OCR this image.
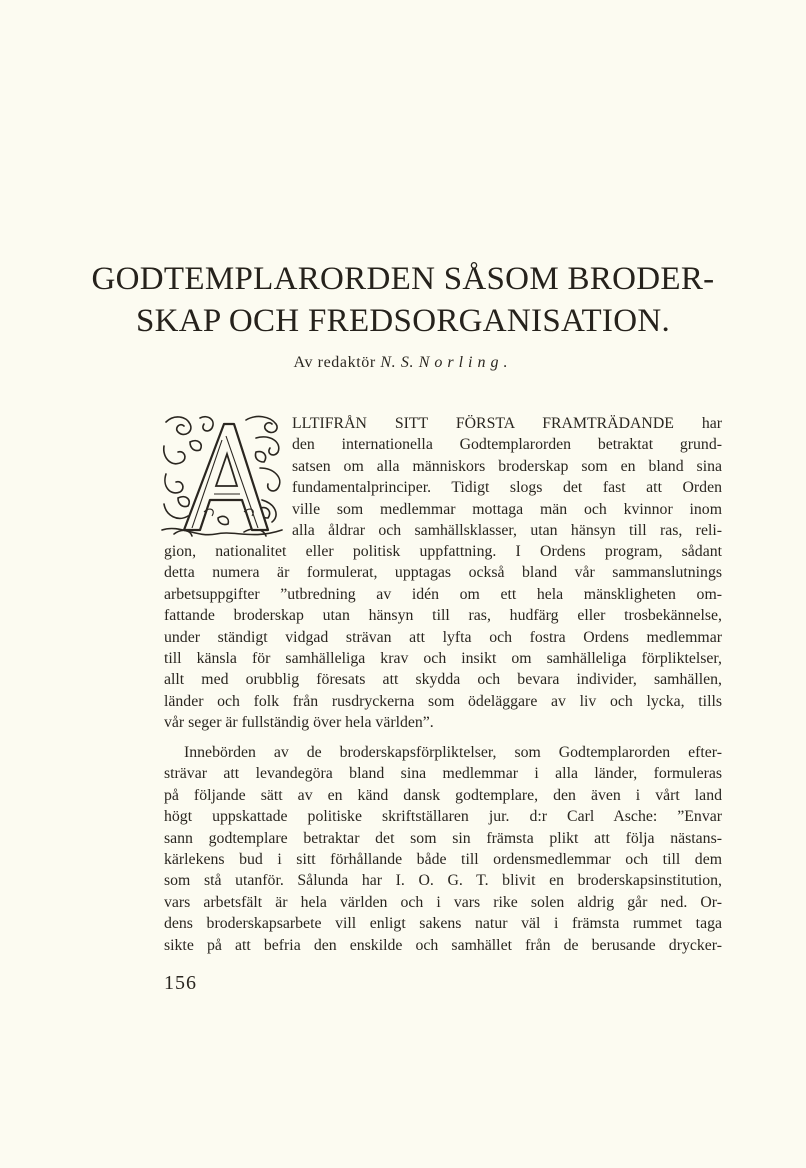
GODTEMPLARORDEN SÅSOM BRODER-
SKAP OCH FREDSORGANISATION.

Av redaktör N. S. Norling.

LLTIFRÅN SITT FÖRSTA FRAMTRÄDANDE har
den internationella Godtemplarorden betraktat grund-
satsen om alla människors broderskap som en bland sina
fundamentalprinciper. Tidigt slogs det fast att Orden
ville som medlemmar mottaga män och kvinnor inom
alla åldrar och samhällsklasser, utan hänsyn till ras, reli-

gion, nationalitet eller politisk uppfattning. I Ordens program, sådant
detta numera är formulerat, upptagas också bland vår sammanslutnings
arbetsuppgifter ”utbredning av idén om ett hela mänskligheten om-
fattande broderskap utan hänsyn till ras, hudfärg eller trosbekännelse,
under ständigt vidgad strävan att lyfta och fostra Ordens medlemmar
till känsla för samhälleliga krav och insikt om samhälleliga förpliktelser,
allt med orubblig föresats att skydda och bevara individer, samhällen,
länder och folk från rusdryckerna som ödeläggare av liv och lycka, tills
vår seger är fullständig över hela världen”.

Innebörden av de broderskapsförpliktelser, som Godtemplarorden efter-
strävar att levandegöra bland sina medlemmar i alla länder, formuleras
på följande sätt av en känd dansk godtemplare, den även i vårt land
högt uppskattade politiske skriftställaren jur. d:r Carl Asche: ”Envar
sann godtemplare betraktar det som sin främsta plikt att följa nästans-
kärlekens bud i sitt förhållande både till ordensmedlemmar och till dem
som stå utanför. Sålunda har I. O. G. T. blivit en broderskapsinstitution,
vars arbetsfält är hela världen och i vars rike solen aldrig går ned. Or-
dens broderskapsarbete vill enligt sakens natur väl i främsta rummet taga
sikte på att befria den enskilde och samhället från de berusande drycker-

156
